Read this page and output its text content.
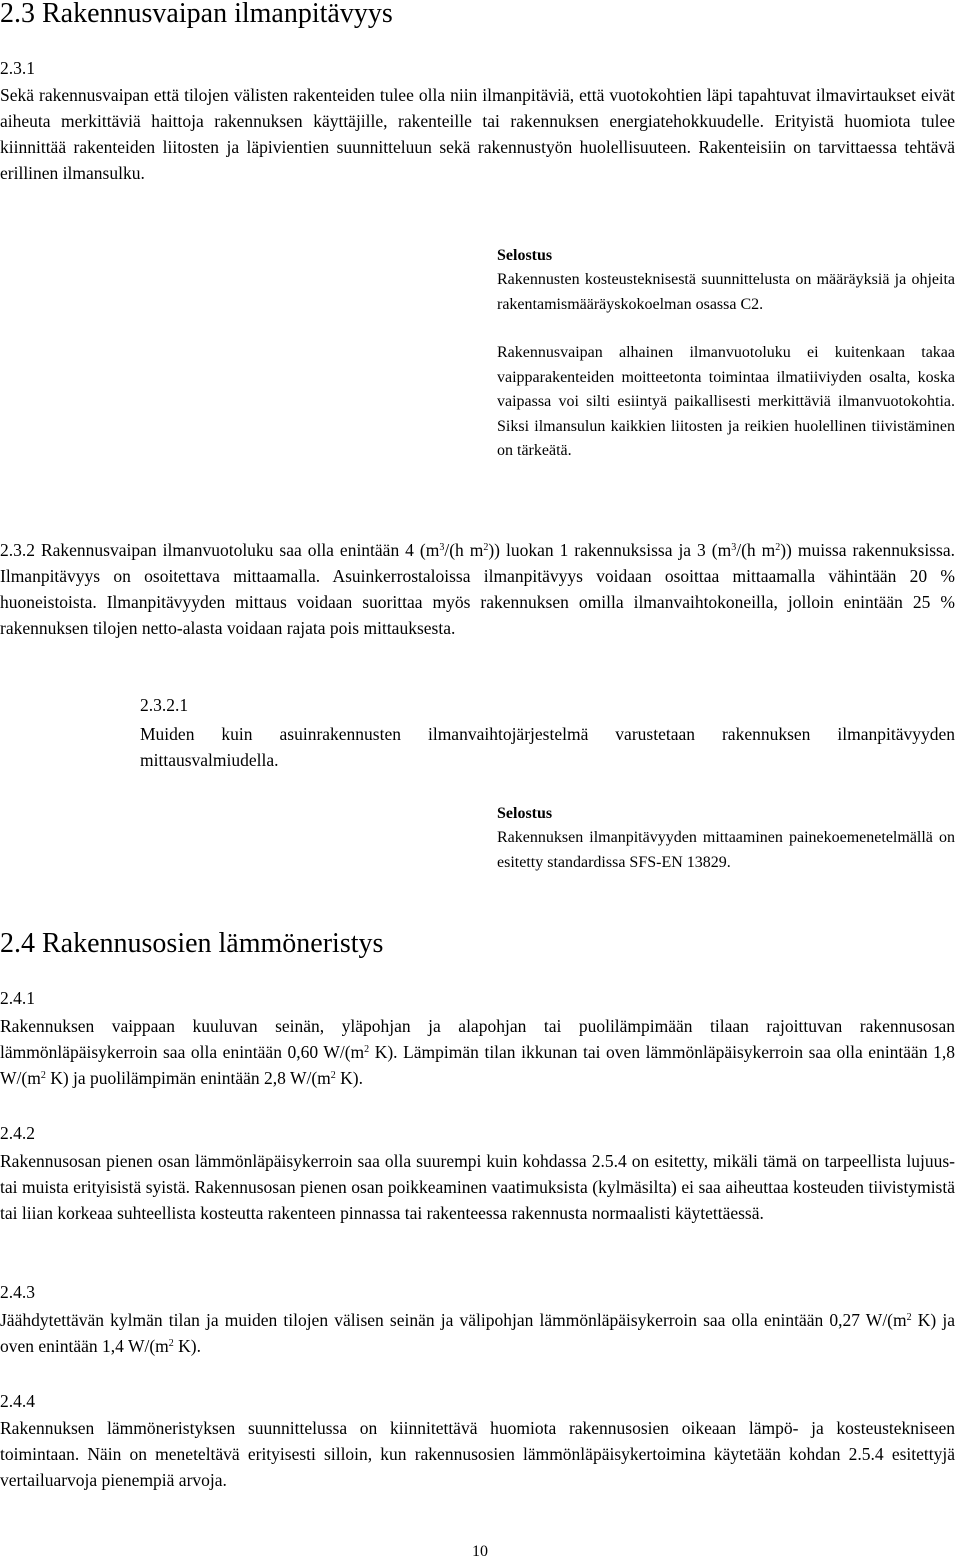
2.3 Rakennusvaipan ilmanpitävyys
2.3.1

Sekä rakennusvaipan että tilojen välisten rakenteiden tulee olla niin ilmanpitäviä, että vuotokohtien läpi tapahtuvat ilmavirtaukset eivät aiheuta merkittäviä haittoja rakennuksen käyttäjille, rakenteille tai rakennuksen energiatehokkuudelle. Erityistä huomiota tulee kiinnittää rakenteiden liitosten ja läpivientien suunnitteluun sekä rakennustyön huolellisuuteen. Rakenteisiin on tarvittaessa tehtävä erillinen ilmansulku.

Selostus

Rakennusten kosteusteknisestä suunnittelusta on määräyksiä ja ohjeita rakentamismääräyskokoelman osassa C2.

Rakennusvaipan alhainen ilmanvuotoluku ei kuitenkaan takaa vaipparakenteiden moitteetonta toimintaa ilmatiiviyden osalta, koska vaipassa voi silti esiintyä paikallisesti merkittäviä ilmanvuotokohtia. Siksi ilmansulun kaikkien liitosten ja reikien huolellinen tiivistäminen on tärkeätä.

2.3.2 Rakennusvaipan ilmanvuotoluku saa olla enintään 4 ($m^3/(h$ $m^2$)) luokan 1 rakennuksissa ja 3 ($m^3/(h$ $m^2$)) muissa rakennuksissa. Ilmanpitävyys on osoitettava mittaamalla. Asuinkerrostaloissa ilmanpitävyys voidaan osoittaa mittaamalla vähintään 20 % huoneistoista. Ilmanpitävyyden mittaus voidaan suorittaa myös rakennuksen omilla ilmanvaihtokoneilla, jolloin enintään 25 % rakennuksen tilojen netto-alasta voidaan rajata pois mittauksesta.

2.3.2.1

Muiden kuin asuinrakennusten ilmanvaihtojärjestelmä varustetaan rakennuksen ilmanpitävyyden mittausvalmiudella.

Selostus

Rakennuksen ilmanpitävyyden mittaaminen painekoemenetelmällä on esitetty standardissa SFS-EN 13829.

2.4 Rakennusosien lämmöneristys
2.4.1

Rakennuksen vaippaan kuuluvan seinän, yläpohjan ja alapohjan tai puolilämpimään tilaan rajoittuvan rakennusosan lämmönläpäisykerroin saa olla enintään 0,60 $W/(m^2$ K). Lämpimän tilan ikkunan tai oven lämmönläpäisykerroin saa olla enintään 1,8 $W/(m^2$ K) ja puolilämpimän enintään 2,8 $W/(m^2$ K).

2.4.2

Rakennusosan pienen osan lämmönläpäisykerroin saa olla suurempi kuin kohdassa 2.5.4 on esitetty, mikäli tämä on tarpeellista lujuus- tai muista erityisistä syistä. Rakennusosan pienen osan poikkeaminen vaatimuksista (kylmäsilta) ei saa aiheuttaa kosteuden tiivistymistä tai liian korkeaa suhteellista kosteutta rakenteen pinnassa tai rakenteessa rakennusta normaalisti käytettäessä.

2.4.3

Jäähdytettävän kylmän tilan ja muiden tilojen välisen seinän ja välipohjan lämmönläpäisykerroin saa olla enintään 0,27 $W/(m^2$ K) ja oven enintään 1,4 $W/(m^2$ K).

2.4.4

Rakennuksen lämmöneristyksen suunnittelussa on kiinnitettävä huomiota rakennusosien oikeaan lämpö- ja kosteustekniseen toimintaan. Näin on meneteltävä erityisesti silloin, kun rakennusosien lämmönläpäisykertoimina käytetään kohdan 2.5.4 esitettyjä vertailuarvoja pienempiä arvoja.

10
